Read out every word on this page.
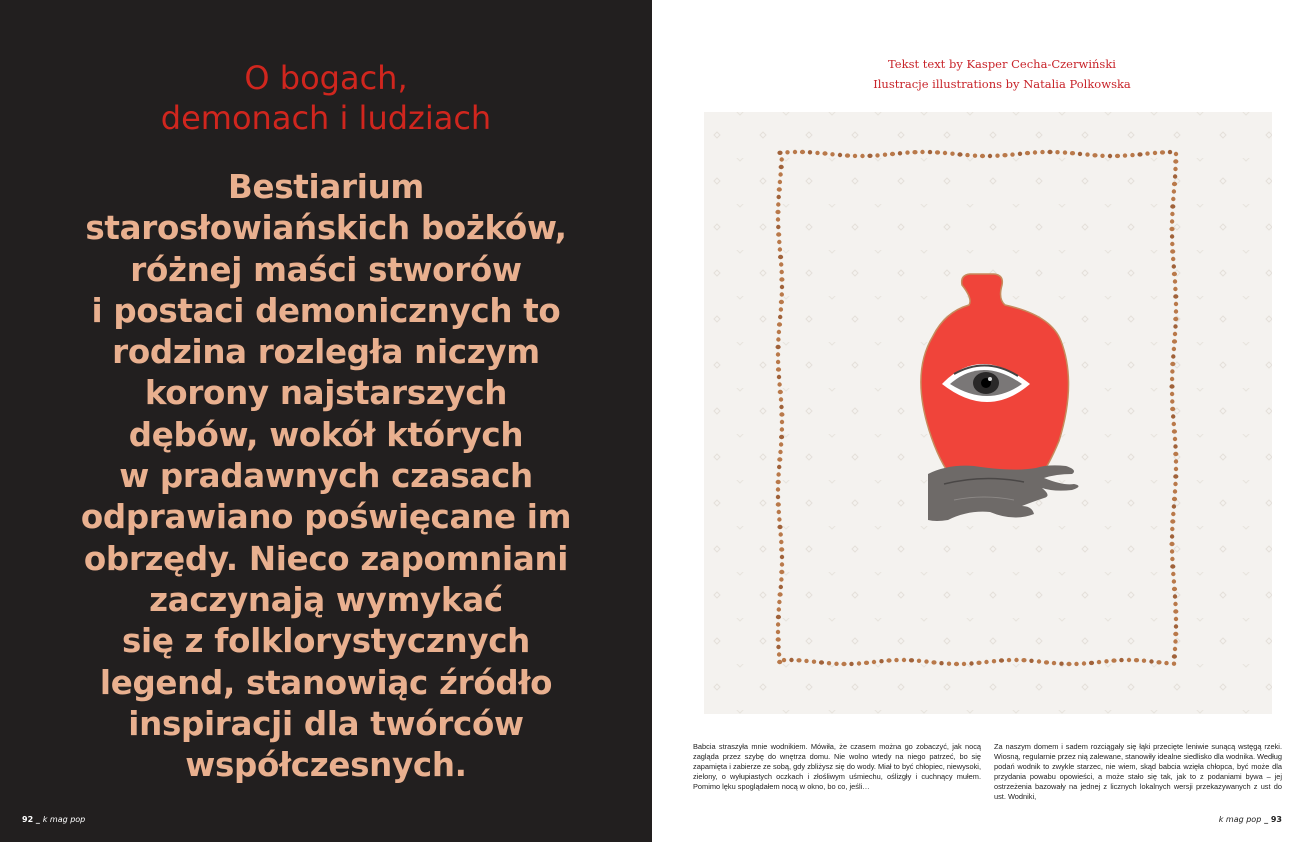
O bogach,
demonach i ludziach
Bestiarium
starosłowiańskich bożków,
różnej maści stworów
i postaci demonicznych to
rodzina rozległa niczym
korony najstarszych
dębów, wokół których
w pradawnych czasach
odprawiano poświęcane im
obrzędy. Nieco zapomniani
zaczynają wymykać
się z folklorystycznych
legend, stanowiąc źródło
inspiracji dla twórców
współczesnych.
92 _ k mag pop
Tekst text by Kasper Cecha-Czerwiński
Ilustracje illustrations by Natalia Polkowska
Babcia straszyła mnie wodnikiem. Mówiła, że czasem można go zobaczyć, jak nocą zagląda przez szybę do wnętrza domu. Nie wolno wtedy na niego patrzeć, bo się zapamięta i zabierze ze sobą, gdy zbliżysz się do wody. Miał to być chłopiec, niewysoki, zielony, o wyłupiastych oczkach i złośliwym uśmiechu, oślizgły i cuchnący mułem. Pomimo lęku spoglądałem nocą w okno, bo co, jeśli…
Za naszym domem i sadem rozciągały się łąki przecięte leniwie sunącą wstęgą rzeki. Wiosną, regularnie przez nią zalewane, stanowiły idealne siedlisko dla wodnika. Według podań wodnik to zwykle starzec, nie wiem, skąd babcia wzięła chłopca, być może dla przydania powabu opowieści, a może stało się tak, jak to z podaniami bywa – jej ostrzeżenia bazowały na jednej z licznych lokalnych wersji przekazywanych z ust do ust. Wodniki,
k mag pop _ 93
